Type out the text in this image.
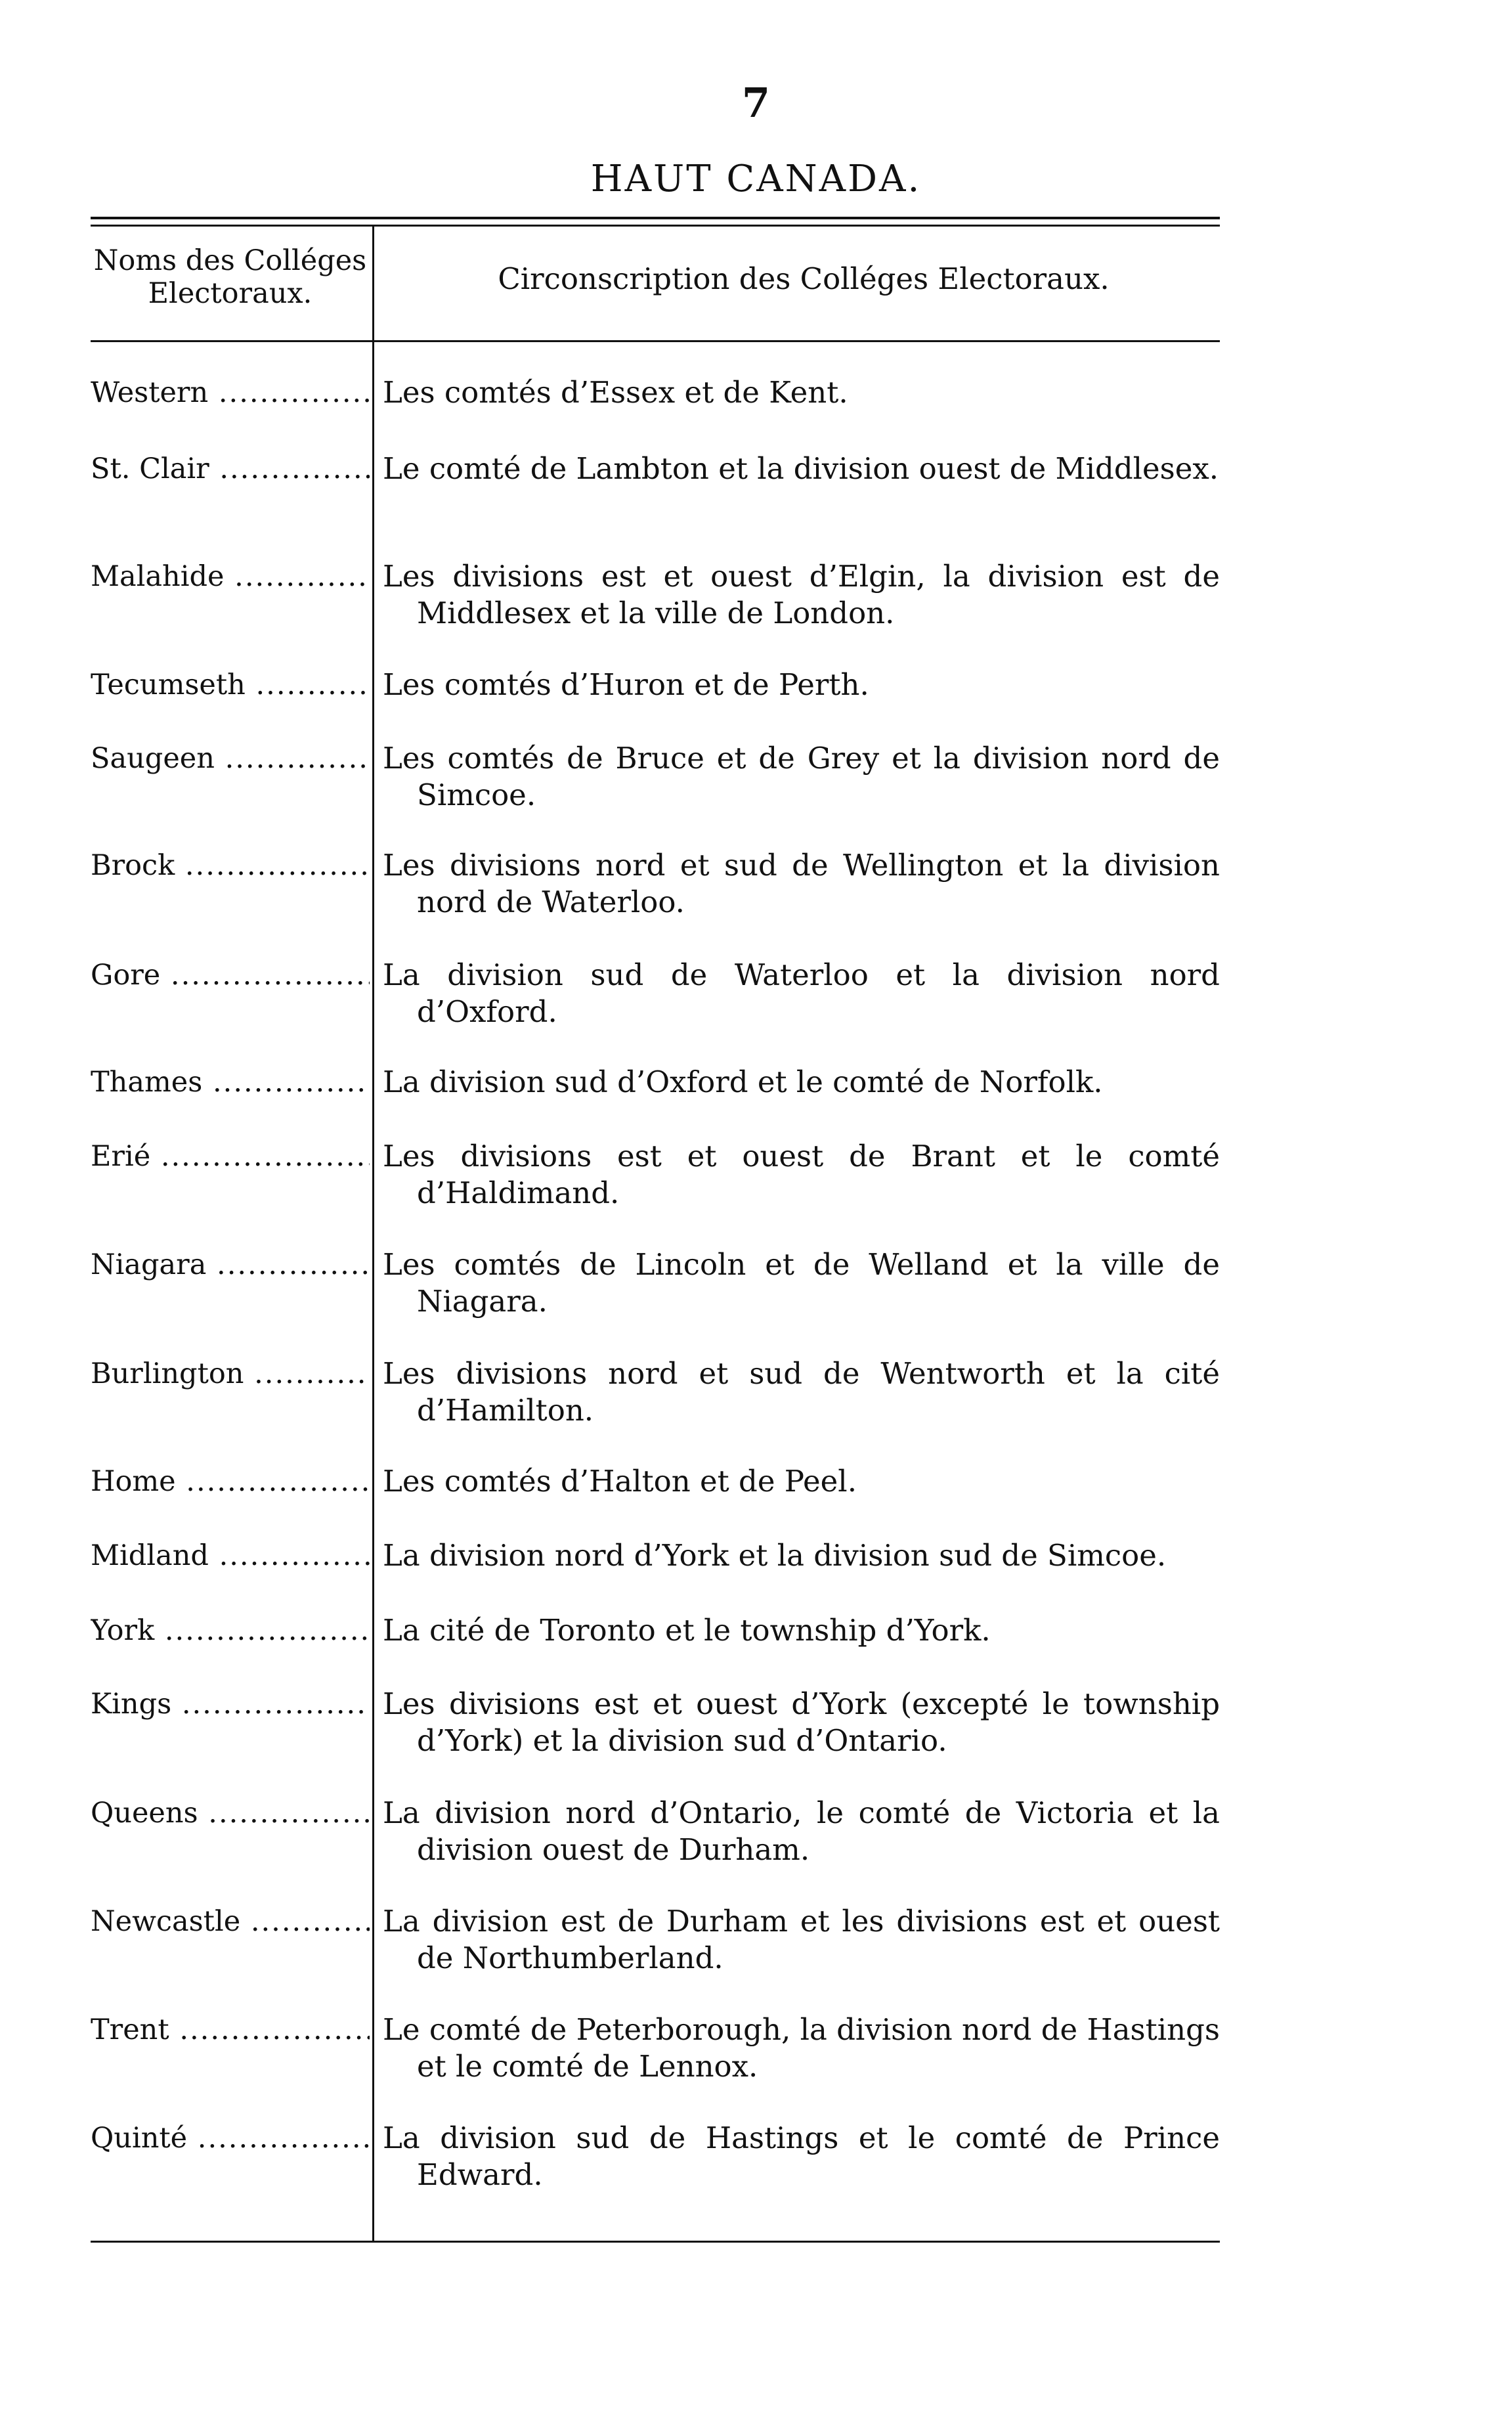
7
HAUT CANADA.
Noms des Colléges Electoraux.	Circonscription des Colléges Electoraux.
Western .....	Les comtés d’Essex et de Kent.
St. Clair .....	Le comté de Lambton et la division ouest de Middlesex.
Malahide .....	Les divisions est et ouest d’Elgin, la division est de Middlesex et la ville de London.
Tecumseth .....	Les comtés d’Huron et de Perth.
Saugeen .....	Les comtés de Bruce et de Grey et la division nord de Simcoe.
Brock .....	Les divisions nord et sud de Wellington et la division nord de Waterloo.
Gore .....	La division sud de Waterloo et la division nord d’Oxford.
Thames .....	La division sud d’Oxford et le comté de Norfolk.
Erié .....	Les divisions est et ouest de Brant et le comté d’Haldimand.
Niagara .....	Les comtés de Lincoln et de Welland et la ville de Niagara.
Burlington .....	Les divisions nord et sud de Wentworth et la cité d’Hamilton.
Home .....	Les comtés d’Halton et de Peel.
Midland .....	La division nord d’York et la division sud de Simcoe.
York .....	La cité de Toronto et le township d’York.
Kings .....	Les divisions est et ouest d’York (excepté le township d’York) et la division sud d’Ontario.
Queens .....	La division nord d’Ontario, le comté de Victoria et la division ouest de Durham.
Newcastle .....	La division est de Durham et les divisions est et ouest de Northumberland.
Trent .....	Le comté de Peterborough, la division nord de Hastings et le comté de Lennox.
Quinté .....	La division sud de Hastings et le comté de Prince Edward.
